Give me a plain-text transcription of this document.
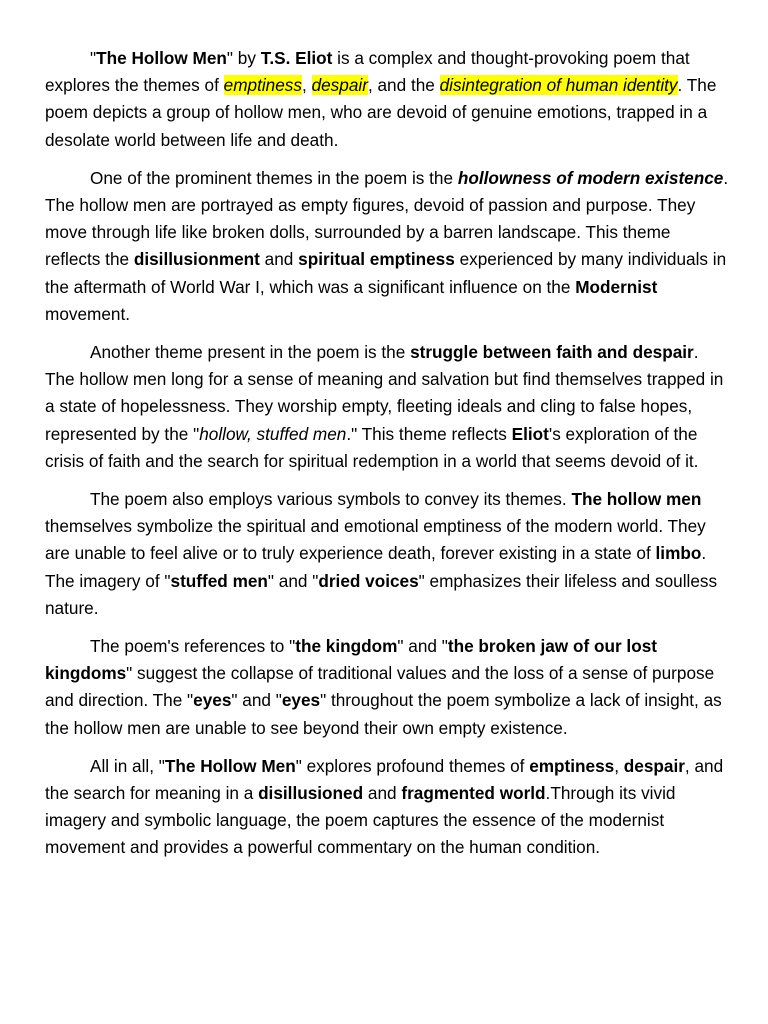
"The Hollow Men" by T.S. Eliot is a complex and thought-provoking poem that explores the themes of emptiness, despair, and the disintegration of human identity. The poem depicts a group of hollow men, who are devoid of genuine emotions, trapped in a desolate world between life and death.

One of the prominent themes in the poem is the hollowness of modern existence. The hollow men are portrayed as empty figures, devoid of passion and purpose. They move through life like broken dolls, surrounded by a barren landscape. This theme reflects the disillusionment and spiritual emptiness experienced by many individuals in the aftermath of World War I, which was a significant influence on the Modernist movement.

Another theme present in the poem is the struggle between faith and despair. The hollow men long for a sense of meaning and salvation but find themselves trapped in a state of hopelessness. They worship empty, fleeting ideals and cling to false hopes, represented by the "hollow, stuffed men." This theme reflects Eliot's exploration of the crisis of faith and the search for spiritual redemption in a world that seems devoid of it.

The poem also employs various symbols to convey its themes. The hollow men themselves symbolize the spiritual and emotional emptiness of the modern world. They are unable to feel alive or to truly experience death, forever existing in a state of limbo. The imagery of "stuffed men" and "dried voices" emphasizes their lifeless and soulless nature.

The poem's references to "the kingdom" and "the broken jaw of our lost kingdoms" suggest the collapse of traditional values and the loss of a sense of purpose and direction. The "eyes" and "eyes" throughout the poem symbolize a lack of insight, as the hollow men are unable to see beyond their own empty existence.

All in all, "The Hollow Men" explores profound themes of emptiness, despair, and the search for meaning in a disillusioned and fragmented world.Through its vivid imagery and symbolic language, the poem captures the essence of the modernist movement and provides a powerful commentary on the human condition.
